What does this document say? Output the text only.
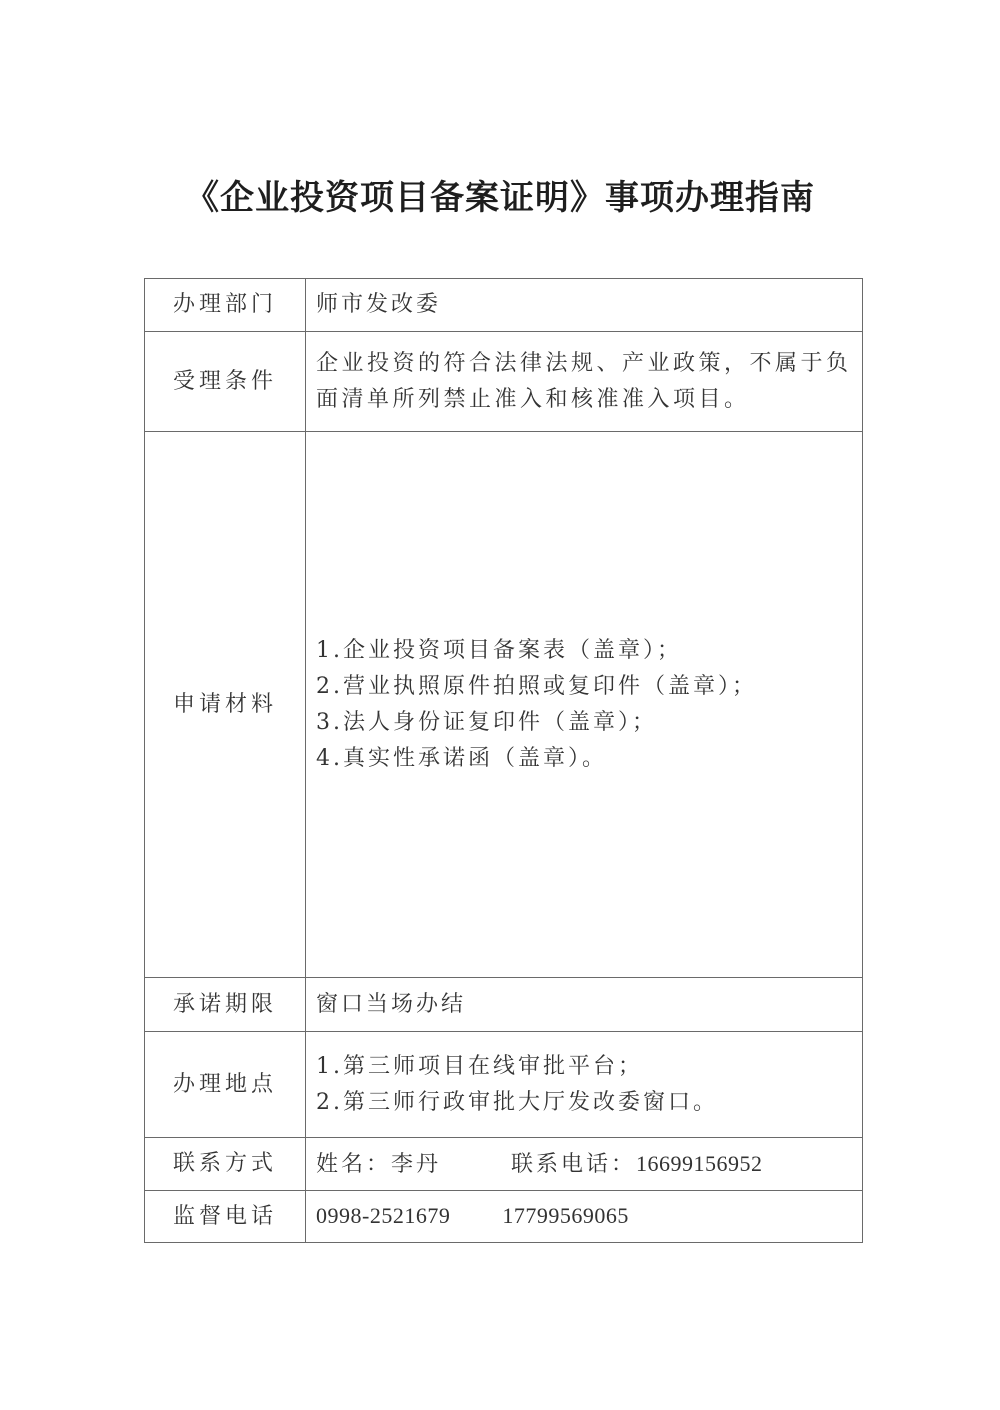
《企业投资项目备案证明》事项办理指南
办理部门	师市发改委
受理条件	企业投资的符合法律法规、产业政策，不属于负面清单所列禁止准入和核准准入项目。

申请材料	1.企业投资项目备案表（盖章）；
2.营业执照原件拍照或复印件（盖章）；
3.法人身份证复印件（盖章）；
4.真实性承诺函（盖章）。

承诺期限	窗口当场办结
办理地点	1.第三师项目在线审批平台；
2.第三师行政审批大厅发改委窗口。

联系方式	姓名：李丹 联系电话：16699156952
监督电话	0998-2521679 17799569065
